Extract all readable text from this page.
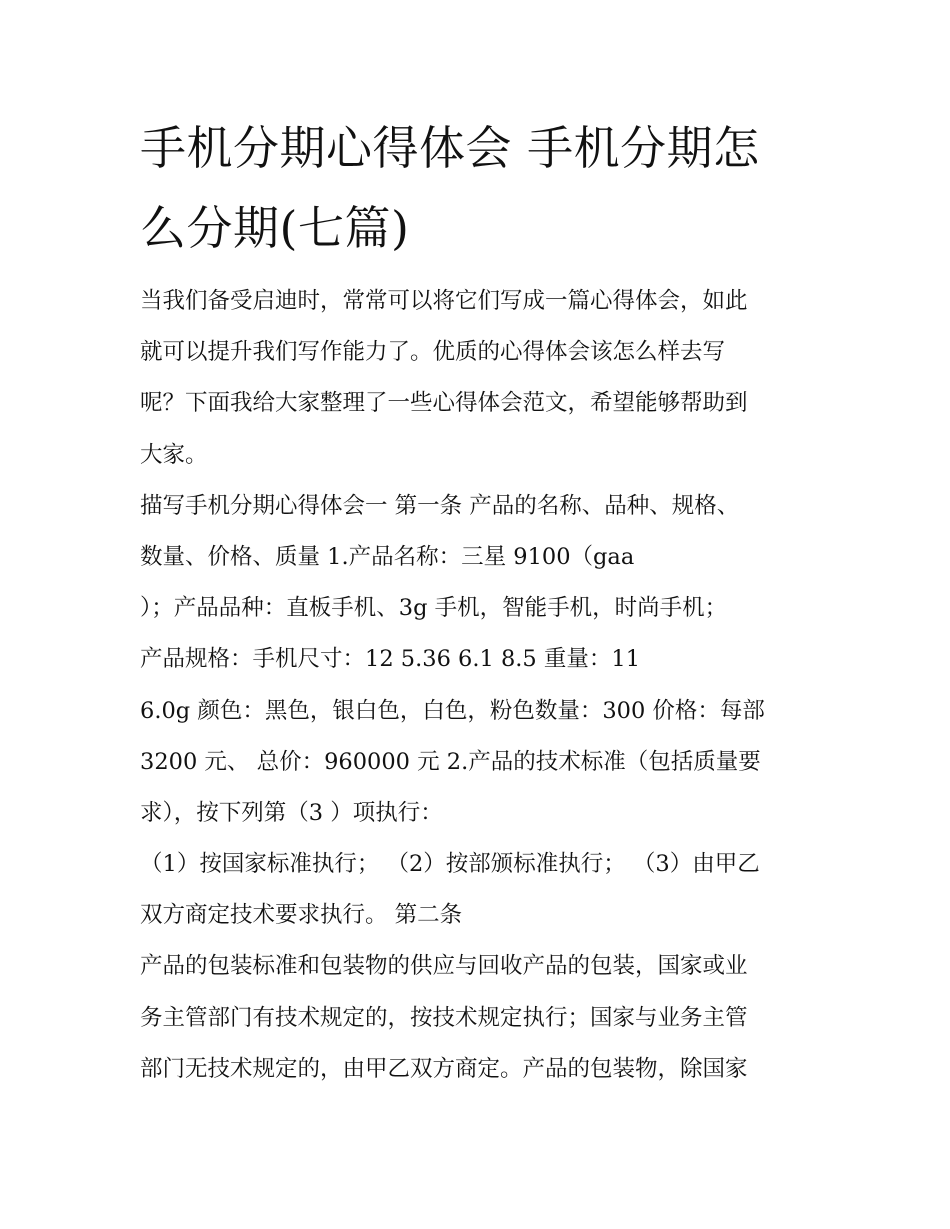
手机分期心得体会 手机分期怎
么分期(七篇)
当我们备受启迪时，常常可以将它们写成一篇心得体会，如此
就可以提升我们写作能力了。优质的心得体会该怎么样去写
呢？下面我给大家整理了一些心得体会范文，希望能够帮助到
大家。
描写手机分期心得体会一 第一条 产品的名称、品种、规格、
数量、价格、质量 1.产品名称：三星 9100（gaa
）；产品品种：直板手机、3g 手机，智能手机，时尚手机；
产品规格：手机尺寸：12 5.36 6.1 8.5 重量：11
6.0g 颜色：黑色，银白色，白色，粉色数量：300 价格：每部
3200 元、 总价：960000 元 2.产品的技术标准（包括质量要
求），按下列第（3 ）项执行：
（1）按国家标准执行； （2）按部颁标准执行； （3）由甲乙
双方商定技术要求执行。 第二条
产品的包装标准和包装物的供应与回收产品的包装，国家或业
务主管部门有技术规定的，按技术规定执行；国家与业务主管
部门无技术规定的，由甲乙双方商定。产品的包装物，除国家
